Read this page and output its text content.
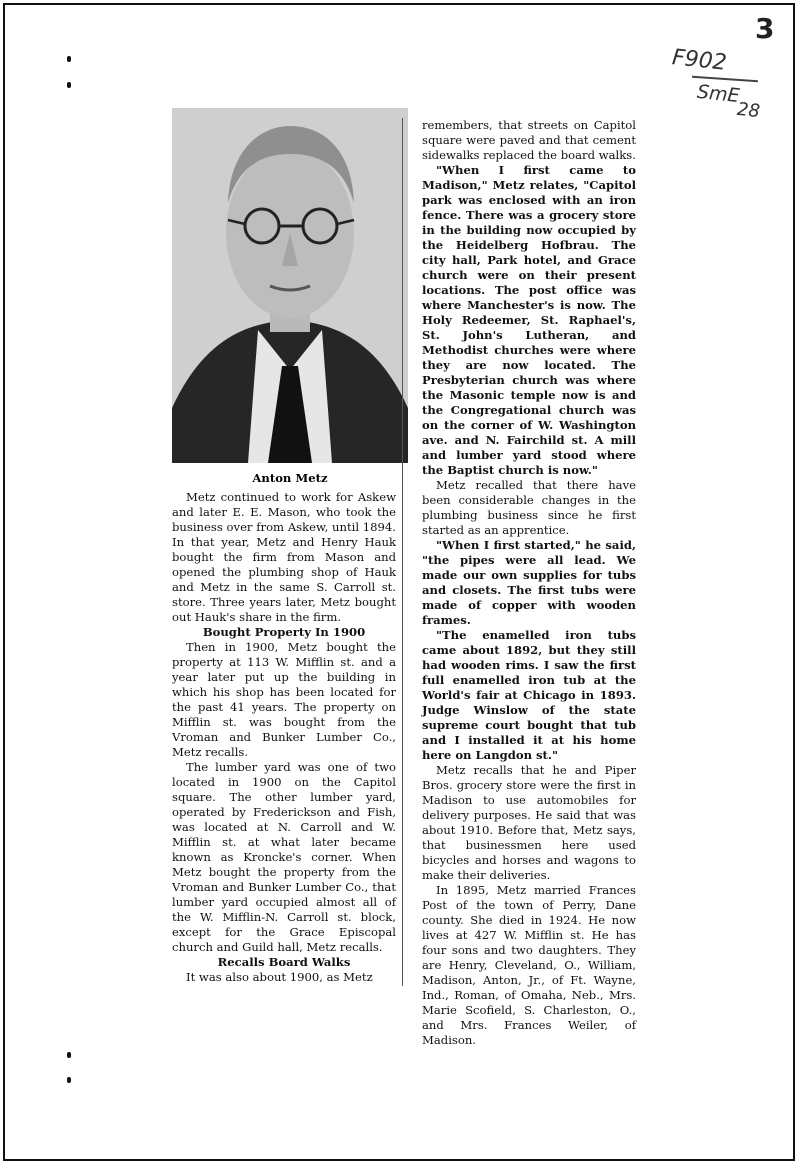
3
F902
SmE
28
Anton Metz

Metz continued to work for Askew and later E. E. Mason, who took the business over from Askew, until 1894. In that year, Metz and Henry Hauk bought the firm from Mason and opened the plumbing shop of Hauk and Metz in the same S. Carroll st. store. Three years later, Metz bought out Hauk's share in the firm.

Bought Property In 1900

Then in 1900, Metz bought the property at 113 W. Mifflin st. and a year later put up the building in which his shop has been located for the past 41 years. The property on Mifflin st. was bought from the Vroman and Bunker Lumber Co., Metz recalls.

The lumber yard was one of two located in 1900 on the Capitol square. The other lumber yard, operated by Frederickson and Fish, was located at N. Carroll and W. Mifflin st. at what later became known as Kroncke's corner. When Metz bought the property from the Vroman and Bunker Lumber Co., that lumber yard occupied almost all of the W. Mifflin-N. Carroll st. block, except for the Grace Episcopal church and Guild hall, Metz recalls.

Recalls Board Walks

It was also about 1900, as Metz

remembers, that streets on Capitol square were paved and that cement sidewalks replaced the board walks.

"When I first came to Madison," Metz relates, "Capitol park was enclosed with an iron fence. There was a grocery store in the building now occupied by the Heidelberg Hofbrau. The city hall, Park hotel, and Grace church were on their present locations. The post office was where Manchester's is now. The Holy Redeemer, St. Raphael's, St. John's Lutheran, and Methodist churches were where they are now located. The Presbyterian church was where the Masonic temple now is and the Congregational church was on the corner of W. Washington ave. and N. Fairchild st. A mill and lumber yard stood where the Baptist church is now."

Metz recalled that there have been considerable changes in the plumbing business since he first started as an apprentice.

"When I first started," he said, "the pipes were all lead. We made our own supplies for tubs and closets. The first tubs were made of copper with wooden frames.

"The enamelled iron tubs came about 1892, but they still had wooden rims. I saw the first full enamelled iron tub at the World's fair at Chicago in 1893. Judge Winslow of the state supreme court bought that tub and I installed it at his home here on Langdon st."

Metz recalls that he and Piper Bros. grocery store were the first in Madison to use automobiles for delivery purposes. He said that was about 1910. Before that, Metz says, that businessmen here used bicycles and horses and wagons to make their deliveries.

In 1895, Metz married Frances Post of the town of Perry, Dane county. She died in 1924. He now lives at 427 W. Mifflin st. He has four sons and two daughters. They are Henry, Cleveland, O., William, Madison, Anton, Jr., of Ft. Wayne, Ind., Roman, of Omaha, Neb., Mrs. Marie Scofield, S. Charleston, O., and Mrs. Frances Weiler, of Madison.
